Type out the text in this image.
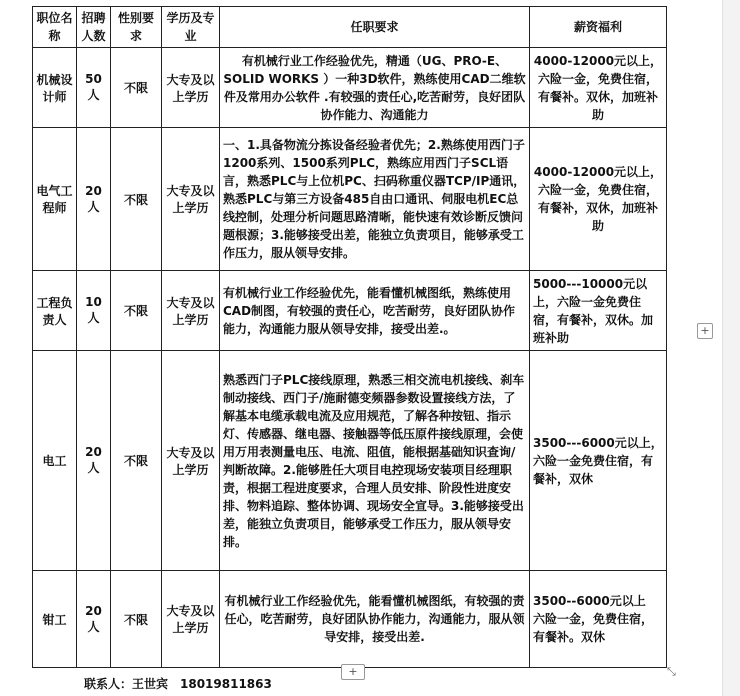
职位名称	招聘人数	性别要求	学历及专业	任职要求	薪资福利
机械设计师	50人	不限	大专及以上学历	有机械行业工作经验优先，精通（UG、PRO-E、SOLID WORKS ）一种3D软件，熟练使用CAD二维软件及常用办公软件 .有较强的责任心,吃苦耐劳，良好团队协作能力、沟通能力	4000-12000元以上，六险一金，免费住宿，有餐补。双休，加班补助
电气工程师	20人	不限	大专及以上学历	一、1.具备物流分拣设备经验者优先；2.熟练使用西门子1200系列、1500系列PLC，熟练应用西门子SCL语言，熟悉PLC与上位机PC、扫码称重仪器TCP/IP通讯，熟悉PLC与第三方设备485自由口通讯、伺服电机EC总线控制，处理分析问题思路清晰，能快速有效诊断反馈问题根源；3.能够接受出差，能独立负责项目，能够承受工作压力，服从领导安排。	4000-12000元以上，六险一金，免费住宿，有餐补，双休，加班补助
工程负责人	10人	不限	大专及以上学历	有机械行业工作经验优先，能看懂机械图纸，熟练使用CAD制图，有较强的责任心，吃苦耐劳，良好团队协作能力，沟通能力服从领导安排，接受出差.。	5000---10000元以上，六险一金免费住宿，有餐补，双休。加班补助
电工	20人	不限	大专及以上学历	熟悉西门子PLC接线原理，熟悉三相交流电机接线、刹车制动接线、西门子/施耐德变频器参数设置接线方法，了解基本电缆承载电流及应用规范，了解各种按钮、指示灯、传感器、继电器、接触器等低压原件接线原理，会使用万用表测量电压、电流、阻值，能根据基础知识查询/判断故障。2.能够胜任大项目电控现场安装项目经理职责，根据工程进度要求，合理人员安排、阶段性进度安排、物料追踪、整体协调、现场安全宣导。3.能够接受出差，能独立负责项目，能够承受工作压力，服从领导安排。	3500---6000元以上，六险一金免费住宿，有餐补，双休
钳工	20人	不限	大专及以上学历	有机械行业工作经验优先，能看懂机械图纸，有较强的责任心，吃苦耐劳，良好团队协作能力，沟通能力，服从领导安排，接受出差.	3500--6000元以上　六险一金，免费住宿，有餐补。双休
+
+	⤡
联系人：王世宾　18019811863
